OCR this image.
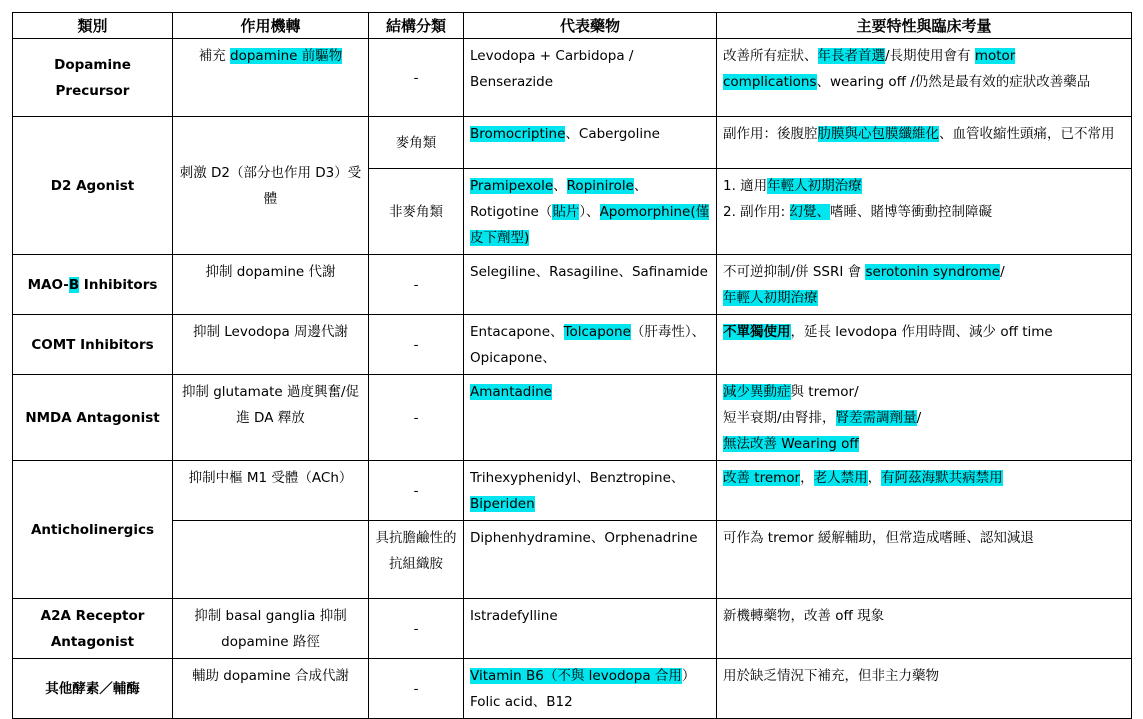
類別	作用機轉	結構分類	代表藥物	主要特性與臨床考量
Dopamine Precursor	補充 dopamine 前驅物	-	Levodopa + Carbidopa / Benserazide	改善所有症狀、年長者首選/長期使用會有 motor complications、wearing off /仍然是最有效的症狀改善藥品
D2 Agonist	刺激 D2（部分也作用 D3）受體	麥角類	Bromocriptine、Cabergoline	副作用：後腹腔肋膜與心包膜纖維化、血管收縮性頭痛，已不常用
		非麥角類	Pramipexole、Ropinirole、Rotigotine（貼片）、Apomorphine(僅皮下劑型)	1. 適用年輕人初期治療
2. 副作用: 幻覺、嗜睡、賭博等衝動控制障礙

MAO-B Inhibitors	抑制 dopamine 代謝	-	Selegiline、Rasagiline、Safinamide	不可逆抑制/併 SSRI 會 serotonin syndrome/
年輕人初期治療
COMT Inhibitors	抑制 Levodopa 周邊代謝	-	Entacapone、Tolcapone（肝毒性）、Opicapone、	不單獨使用，延長 levodopa 作用時間、減少 off time
NMDA Antagonist	抑制 glutamate 過度興奮/促進 DA 釋放	-	Amantadine	減少異動症與 tremor/
短半衰期/由腎排，腎差需調劑量/
無法改善 Wearing off
Anticholinergics	抑制中樞 M1 受體（ACh）	-	Trihexyphenidyl、Benztropine、Biperiden	改善 tremor，老人禁用，有阿茲海默共病禁用
		具抗膽鹼性的抗組織胺	Diphenhydramine、Orphenadrine	可作為 tremor 緩解輔助，但常造成嗜睡、認知減退
A2A Receptor Antagonist	抑制 basal ganglia 抑制 dopamine 路徑	-	Istradefylline	新機轉藥物，改善 off 現象
其他酵素／輔酶	輔助 dopamine 合成代謝	-	Vitamin B6（不與 levodopa 合用）Folic acid、B12	用於缺乏情況下補充，但非主力藥物
